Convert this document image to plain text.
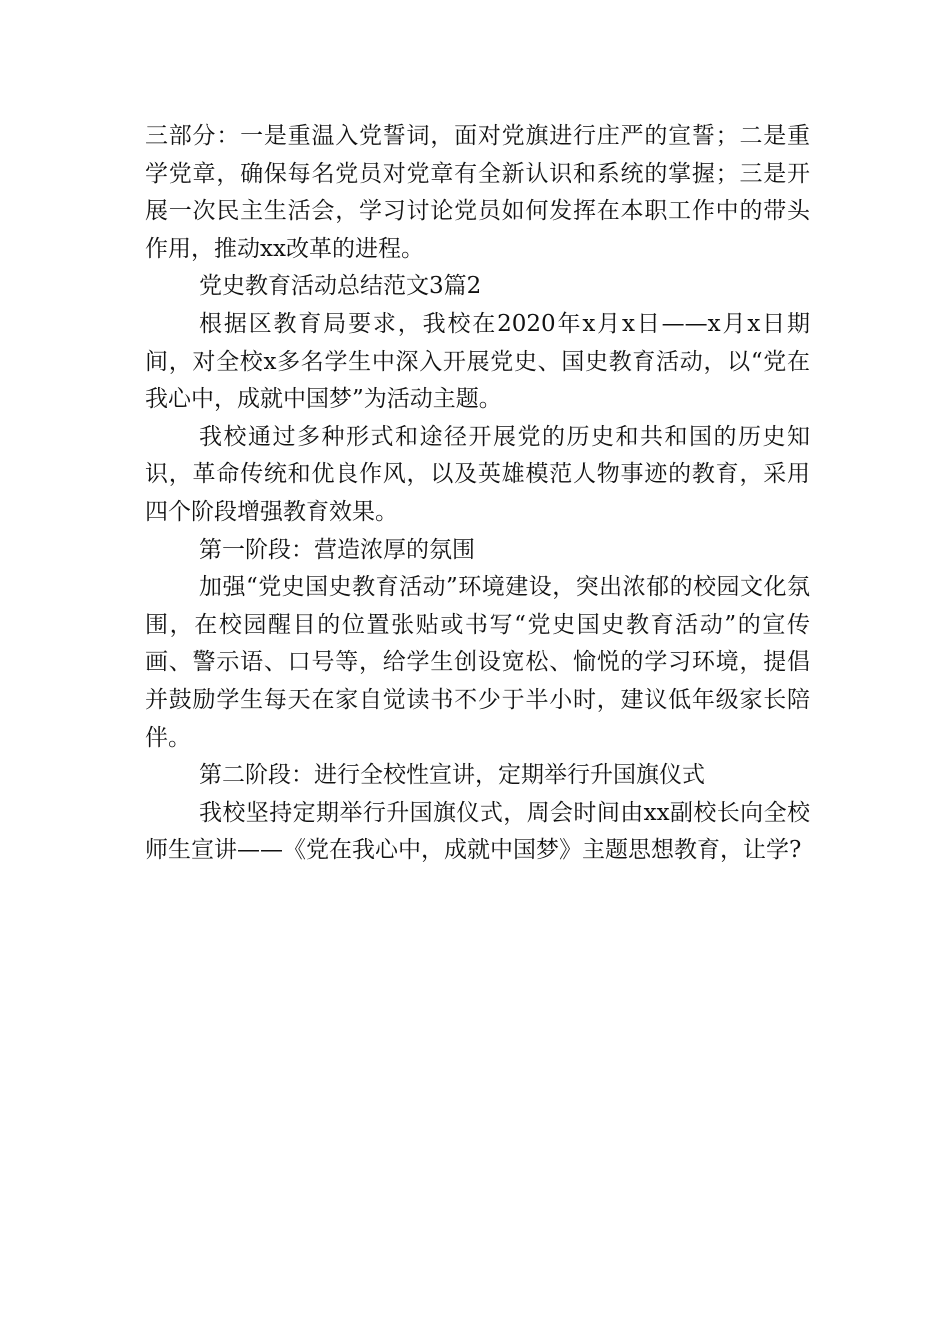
三部分：一是重温入党誓词，面对党旗进行庄严的宣誓；二是重学党章，确保每名党员对党章有全新认识和系统的掌握；三是开展一次民主生活会，学习讨论党员如何发挥在本职工作中的带头作用，推动xx改革的进程。

党史教育活动总结范文3篇2

根据区教育局要求，我校在2020年x月x日——x月x日期间，对全校x多名学生中深入开展党史、国史教育活动，以“党在我心中，成就中国梦”为活动主题。

我校通过多种形式和途径开展党的历史和共和国的历史知识，革命传统和优良作风，以及英雄模范人物事迹的教育，采用四个阶段增强教育效果。

第一阶段：营造浓厚的氛围

加强“党史国史教育活动”环境建设，突出浓郁的校园文化氛围，在校园醒目的位置张贴或书写“党史国史教育活动”的宣传画、警示语、口号等，给学生创设宽松、愉悦的学习环境，提倡并鼓励学生每天在家自觉读书不少于半小时，建议低年级家长陪伴。

第二阶段：进行全校性宣讲，定期举行升国旗仪式

我校坚持定期举行升国旗仪式，周会时间由xx副校长向全校师生宣讲——《党在我心中，成就中国梦》主题思想教育，让学?
